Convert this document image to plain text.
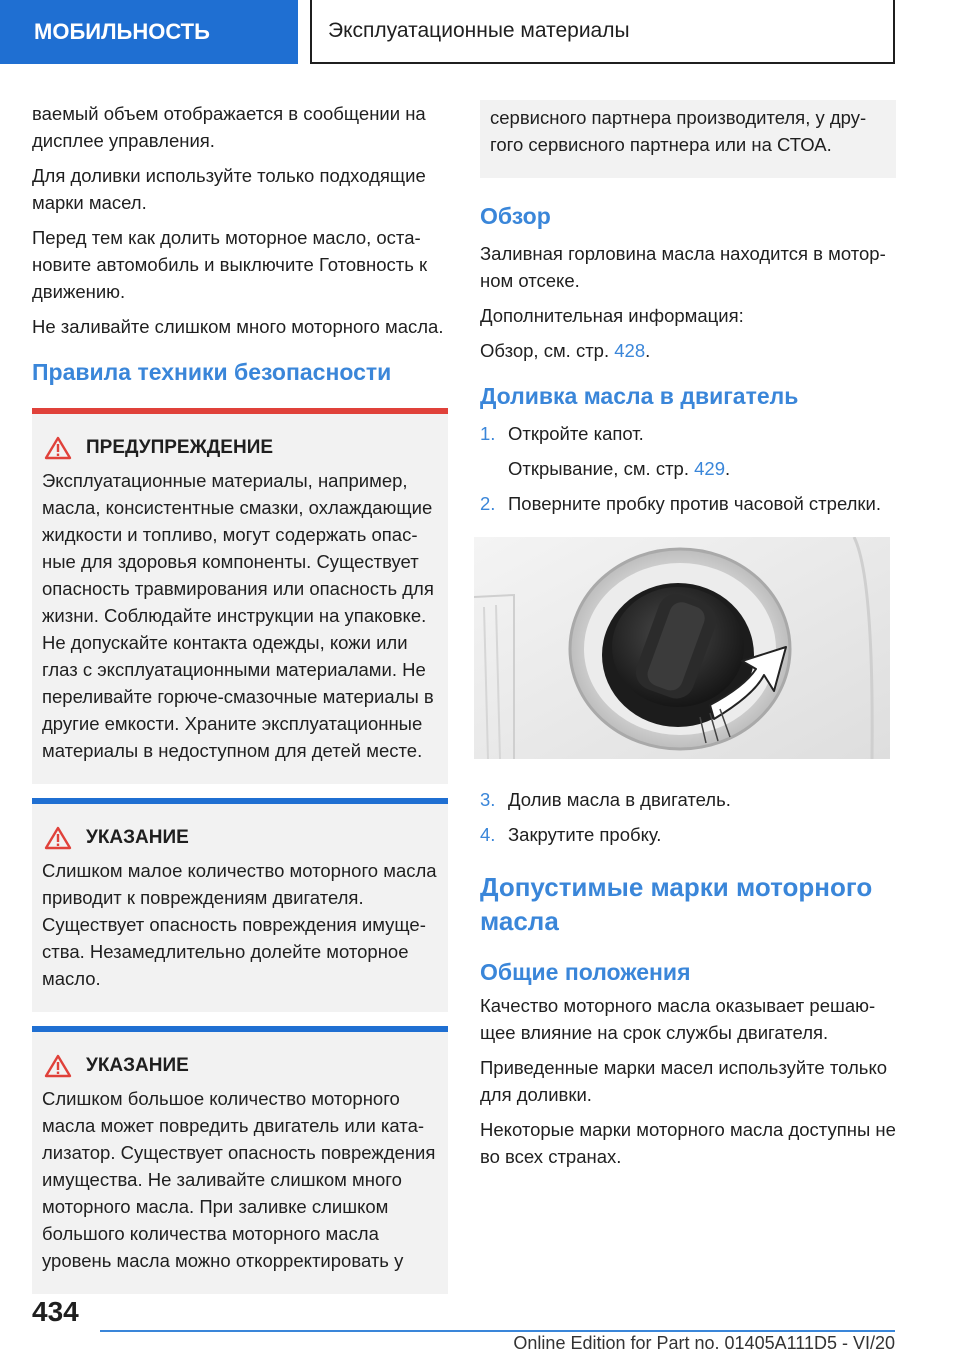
МОБИЛЬНОСТЬ	Эксплуатационные материалы

ваемый объем отображается в сообщении на дисплее управления.

Для доливки используйте только подходящие марки масел.

Перед тем как долить моторное масло, остановите автомобиль и выключите Готовность к движению.

Не заливайте слишком много моторного масла.

Правила техники безопасности
ПРЕДУПРЕЖДЕНИЕ

Эксплуатационные материалы, например, масла, консистентные смазки, охлаждающие жидкости и топливо, могут содержать опасные для здоровья компоненты. Существует опасность травмирования или опасность для жизни. Соблюдайте инструкции на упаковке. Не допускайте контакта одежды, кожи или глаз с эксплуатационными материалами. Не переливайте горюче-смазочные материалы в другие емкости. Храните эксплуатационные материалы в недоступном для детей месте.

УКАЗАНИЕ

Слишком малое количество моторного масла приводит к повреждениям двигателя. Существует опасность повреждения имущества. Незамедлительно долейте моторное масло.

УКАЗАНИЕ

Слишком большое количество моторного масла может повредить двигатель или катализатор. Существует опасность повреждения имущества. Не заливайте слишком много моторного масла. При заливке слишком большого количества моторного масла уровень масла можно откорректировать у

сервисного партнера производителя, у другого сервисного партнера или на СТОА.

Обзор

Заливная горловина масла находится в моторном отсеке.

Дополнительная информация:

Обзор, см. стр. 428.

Доливка масла в двигатель
1. Откройте капот.
Открывание, см. стр. 429.
2. Поверните пробку против часовой стрелки.
3. Долив масла в двигатель.
4. Закрутите пробку.
Допустимые марки моторного масла
Общие положения

Качество моторного масла оказывает решающее влияние на срок службы двигателя.

Приведенные марки масел используйте только для доливки.

Некоторые марки моторного масла доступны не во всех странах.

434
Online Edition for Part no. 01405A111D5 - VI/20
